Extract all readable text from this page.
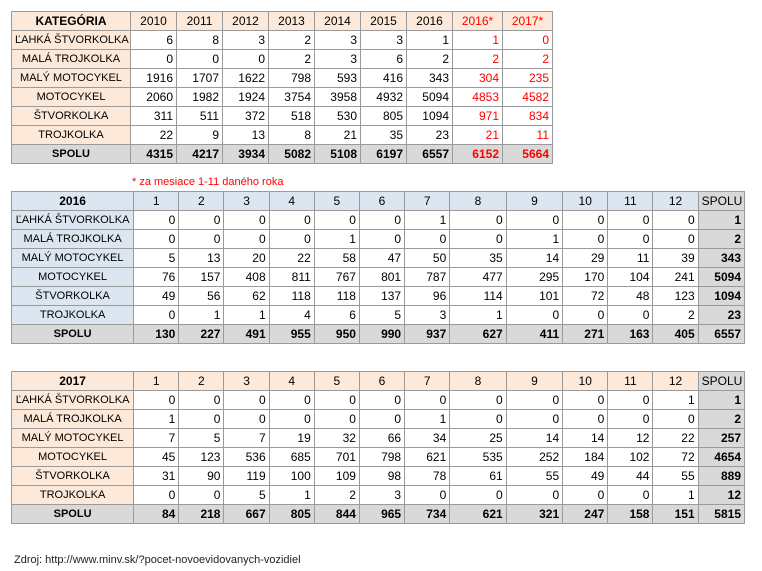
KATEGÓRIA	2010	2011	2012	2013	2014	2015	2016	2016*	2017*
ĽAHKÁ ŠTVORKOLKA	6	8	3	2	3	3	1	1	0
MALÁ TROJKOLKA	0	0	0	2	3	6	2	2	2
MALÝ MOTOCYKEL	1916	1707	1622	798	593	416	343	304	235
MOTOCYKEL	2060	1982	1924	3754	3958	4932	5094	4853	4582
ŠTVORKOLKA	311	511	372	518	530	805	1094	971	834
TROJKOLKA	22	9	13	8	21	35	23	21	11
SPOLU	4315	4217	3934	5082	5108	6197	6557	6152	5664
* za mesiace 1-11 daného roka
2016	1	2	3	4	5	6	7	8	9	10	11	12	SPOLU
ĽAHKÁ ŠTVORKOLKA	0	0	0	0	0	0	1	0	0	0	0	0	1
MALÁ TROJKOLKA	0	0	0	0	1	0	0	0	1	0	0	0	2
MALÝ MOTOCYKEL	5	13	20	22	58	47	50	35	14	29	11	39	343
MOTOCYKEL	76	157	408	811	767	801	787	477	295	170	104	241	5094
ŠTVORKOLKA	49	56	62	118	118	137	96	114	101	72	48	123	1094
TROJKOLKA	0	1	1	4	6	5	3	1	0	0	0	2	23
SPOLU	130	227	491	955	950	990	937	627	411	271	163	405	6557
2017	1	2	3	4	5	6	7	8	9	10	11	12	SPOLU
ĽAHKÁ ŠTVORKOLKA	0	0	0	0	0	0	0	0	0	0	0	1	1
MALÁ TROJKOLKA	1	0	0	0	0	0	1	0	0	0	0	0	2
MALÝ MOTOCYKEL	7	5	7	19	32	66	34	25	14	14	12	22	257
MOTOCYKEL	45	123	536	685	701	798	621	535	252	184	102	72	4654
ŠTVORKOLKA	31	90	119	100	109	98	78	61	55	49	44	55	889
TROJKOLKA	0	0	5	1	2	3	0	0	0	0	0	1	12
SPOLU	84	218	667	805	844	965	734	621	321	247	158	151	5815
Zdroj: http://www.minv.sk/?pocet-novoevidovanych-vozidiel
